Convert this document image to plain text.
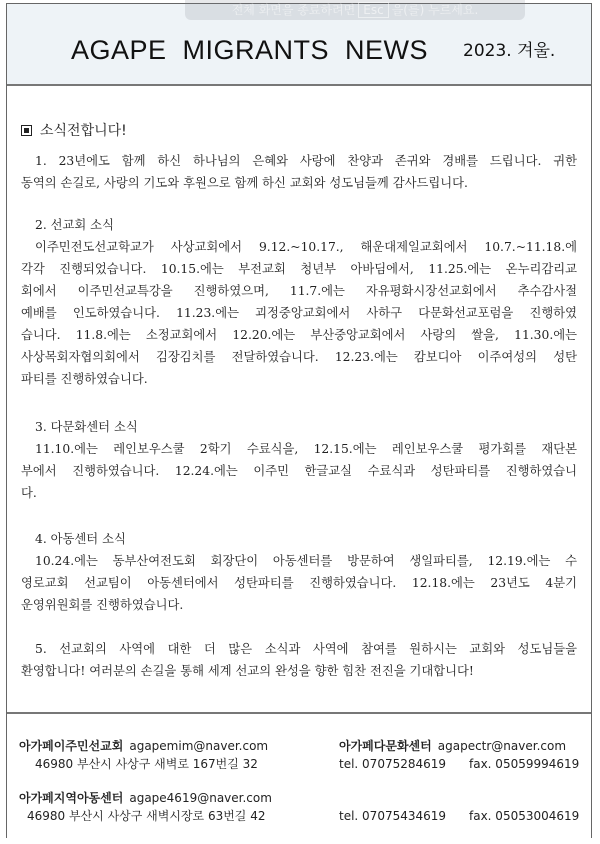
AGAPE MIGRANTS NEWS 2023. 겨울.
소식전합니다!
1. 23년에도 함께 하신 하나님의 은혜와 사랑에 찬양과 존귀와 경배를 드립니다. 귀한
동역의 손길로, 사랑의 기도와 후원으로 함께 하신 교회와 성도님들께 감사드립니다.
2. 선교회 소식
이주민전도선교학교가 사상교회에서 9.12.~10.17., 해운대제일교회에서 10.7.~11.18.에
각각 진행되었습니다. 10.15.에는 부전교회 청년부 아바딤에서, 11.25.에는 온누리감리교
회에서 이주민선교특강을 진행하였으며, 11.7.에는 자유평화시장선교회에서 추수감사절
예배를 인도하였습니다. 11.23.에는 괴정중앙교회에서 사하구 다문화선교포럼을 진행하였
습니다. 11.8.에는 소정교회에서 12.20.에는 부산중앙교회에서 사랑의 쌀을, 11.30.에는
사상목회자협의회에서 김장김치를 전달하였습니다. 12.23.에는 캄보디아 이주여성의 성탄
파티를 진행하였습니다.
3. 다문화센터 소식
11.10.에는 레인보우스쿨 2학기 수료식을, 12.15.에는 레인보우스쿨 평가회를 재단본
부에서 진행하였습니다. 12.24.에는 이주민 한글교실 수료식과 성탄파티를 진행하였습니
다.
4. 아동센터 소식
10.24.에는 동부산여전도회 회장단이 아동센터를 방문하여 생일파티를, 12.19.에는 수
영로교회 선교팀이 아동센터에서 성탄파티를 진행하였습니다. 12.18.에는 23년도 4분기
운영위원회를 진행하였습니다.
5. 선교회의 사역에 대한 더 많은 소식과 사역에 참여를 원하시는 교회와 성도님들을
환영합니다! 여러분의 손길을 통해 세계 선교의 완성을 향한 힘찬 전진을 기대합니다!
아가페이주민선교회 agapemim@naver.com
46980 부산시 사상구 새벽로 167번길 32
아가페다문화센터 agapectr@naver.com
tel. 07075284619 fax. 05059994619
아가페지역아동센터 agape4619@naver.com
46980 부산시 사상구 새벽시장로 63번길 42	tel. 07075434619 fax. 05053004619
전체 화면을 종료하려면 Esc 을(를) 누르세요.
